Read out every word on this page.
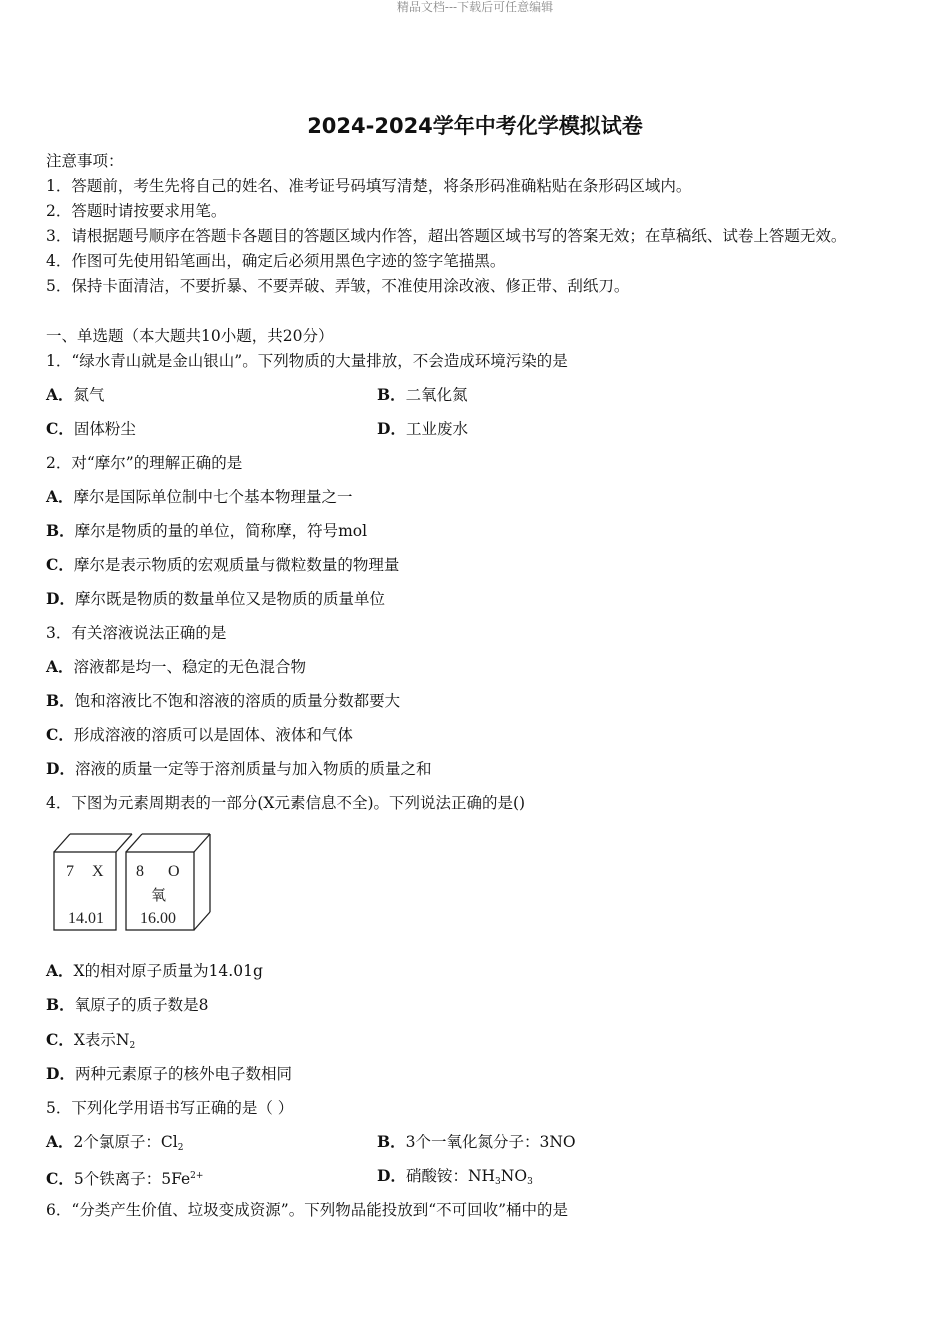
精品文档---下载后可任意编辑
2024-2024学年中考化学模拟试卷
注意事项：
1．答题前，考生先将自己的姓名、准考证号码填写清楚，将条形码准确粘贴在条形码区域内。
2．答题时请按要求用笔。
3．请根据题号顺序在答题卡各题目的答题区域内作答，超出答题区域书写的答案无效；在草稿纸、试卷上答题无效。
4．作图可先使用铅笔画出，确定后必须用黑色字迹的签字笔描黑。
5．保持卡面清洁，不要折暴、不要弄破、弄皱，不准使用涂改液、修正带、刮纸刀。
一、单选题（本大题共10小题，共20分）
1．“绿水青山就是金山银山”。下列物质的大量排放，不会造成环境污染的是
A．氮气	B．二氧化氮
C．固体粉尘	D．工业废水
2．对“摩尔”的理解正确的是
A．摩尔是国际单位制中七个基本物理量之一
B．摩尔是物质的量的单位，简称摩，符号mol
C．摩尔是表示物质的宏观质量与微粒数量的物理量
D．摩尔既是物质的数量单位又是物质的质量单位
3．有关溶液说法正确的是
A．溶液都是均一、稳定的无色混合物
B．饱和溶液比不饱和溶液的溶质的质量分数都要大
C．形成溶液的溶质可以是固体、液体和气体
D．溶液的质量一定等于溶剂质量与加入物质的质量之和
4．下图为元素周期表的一部分(X元素信息不全)。下列说法正确的是()
7 X
14.01
8 O
氧
16.00
A．X的相对原子质量为14.01g
B．氧原子的质子数是8
C．X表示$N_2$
D．两种元素原子的核外电子数相同
5．下列化学用语书写正确的是（ ）
A．2个氯原子：$Cl_2$	B．3个一氧化氮分子：3NO
C．5个铁离子：$5Fe^{2+}$	D．硝酸铵：$NH_3NO_3$
6．“分类产生价值、垃圾变成资源”。下列物品能投放到“不可回收”桶中的是
